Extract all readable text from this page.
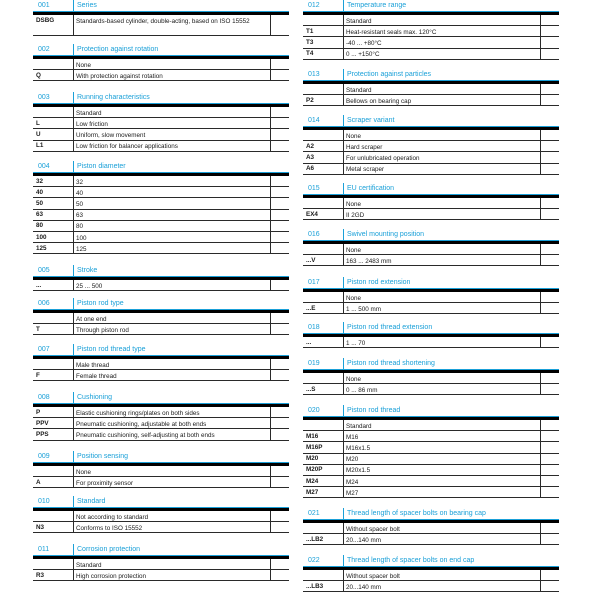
001	Series
DSBG	Standards-based cylinder, double-acting, based on ISO 15552
002	Protection against rotation
None
Q	With protection against rotation
003	Running characteristics
Standard
L	Low friction
U	Uniform, slow movement
L1	Low friction for balancer applications
004	Piston diameter
32	32
40	40
50	50
63	63
80	80
100	100
125	125
005	Stroke
...	25 ... 500
006	Piston rod type
At one end
T	Through piston rod
007	Piston rod thread type
Male thread
F	Female thread
008	Cushioning
P	Elastic cushioning rings/plates on both sides
PPV	Pneumatic cushioning, adjustable at both ends
PPS	Pneumatic cushioning, self-adjusting at both ends
009	Position sensing
None
A	For proximity sensor
010	Standard
Not according to standard
N3	Conforms to ISO 15552
011	Corrosion protection
Standard
R3	High corrosion protection
012	Temperature range
Standard
T1	Heat-resistant seals max. 120°C
T3	-40 ... +80°C
T4	0 ... +150°C
013	Protection against particles
Standard
P2	Bellows on bearing cap
014	Scraper variant
None
A2	Hard scraper
A3	For unlubricated operation
A6	Metal scraper
015	EU certification
None
EX4	II 2GD
016	Swivel mounting position
None
...V	163 ... 2483 mm
017	Piston rod extension
None
...E	1 ... 500 mm
018	Piston rod thread extension
...	1 ... 70
019	Piston rod thread shortening
None
...S	0 ... 86 mm
020	Piston rod thread
Standard
M16	M16
M16P	M16x1.5
M20	M20
M20P	M20x1.5
M24	M24
M27	M27
021	Thread length of spacer bolts on bearing cap
Without spacer bolt
...LB2	20...140 mm
022	Thread length of spacer bolts on end cap
Without spacer bolt
...LB3	20...140 mm
